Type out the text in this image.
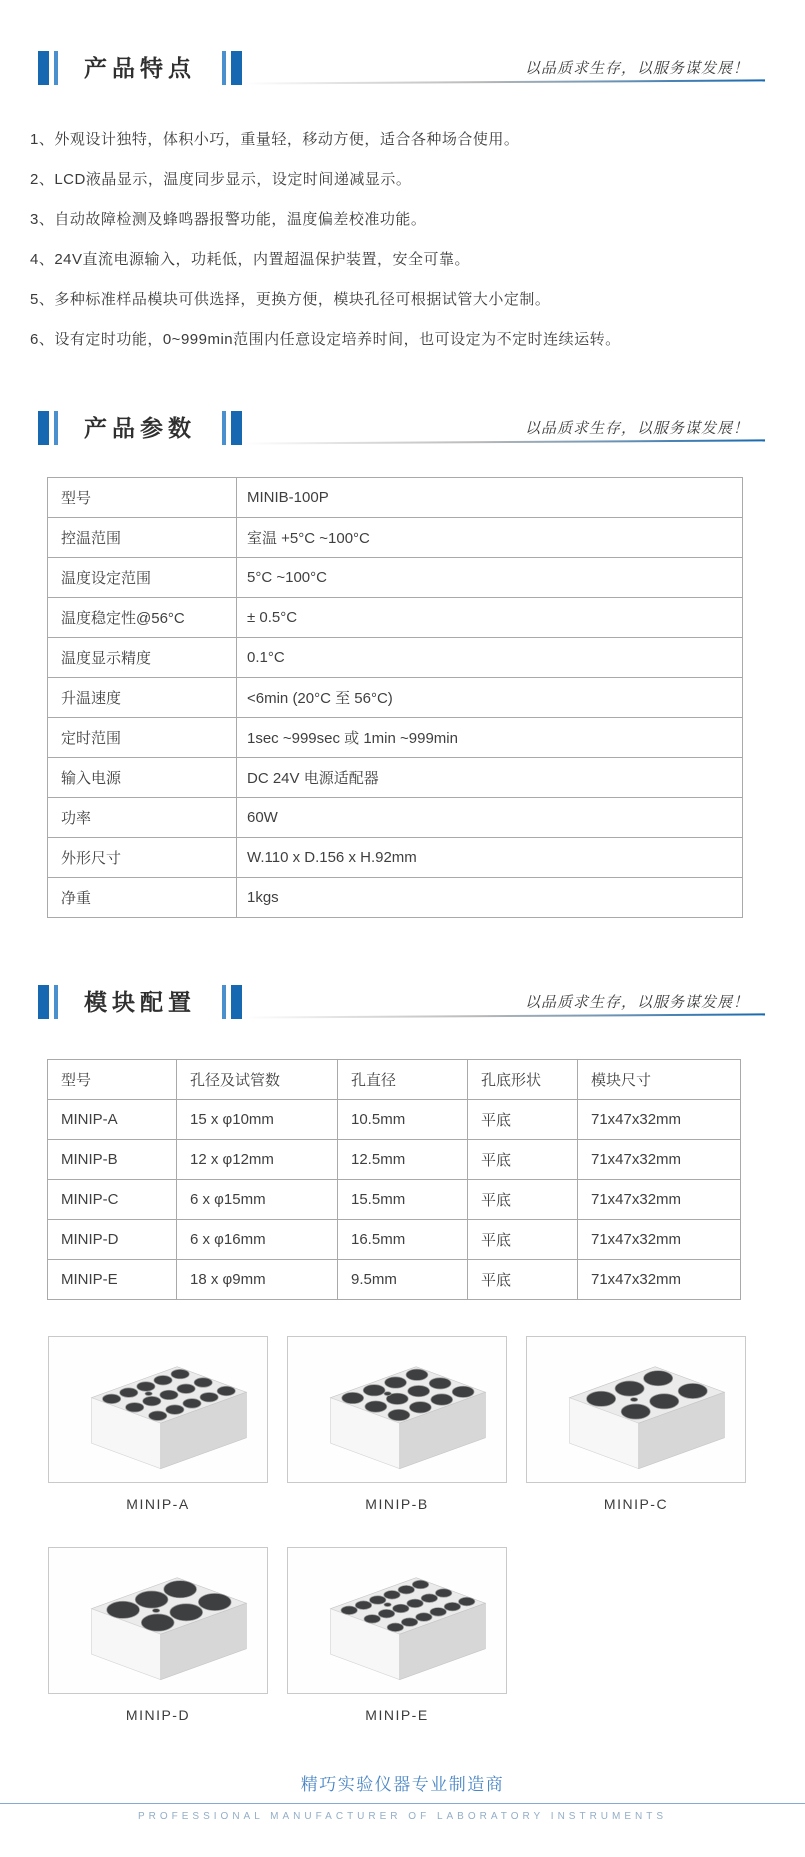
产品特点	以品质求生存，以服务谋发展！
1、外观设计独特，体积小巧，重量轻，移动方便，适合各种场合使用。
2、LCD液晶显示，温度同步显示，设定时间递减显示。
3、自动故障检测及蜂鸣器报警功能，温度偏差校准功能。
4、24V直流电源输入，功耗低，内置超温保护装置，安全可靠。
5、多种标准样品模块可供选择，更换方便，模块孔径可根据试管大小定制。
6、设有定时功能，0~999min范围内任意设定培养时间，也可设定为不定时连续运转。
产品参数	以品质求生存，以服务谋发展！
型号	MINIB-100P
控温范围	室温 +5°C ~100°C
温度设定范围	5°C ~100°C
温度稳定性@56°C	± 0.5°C
温度显示精度	0.1°C
升温速度	<6min (20°C 至 56°C)
定时范围	1sec ~999sec 或 1min ~999min
输入电源	DC 24V 电源适配器
功率	60W
外形尺寸	W.110 x D.156 x H.92mm
净重	1kgs
模块配置	以品质求生存，以服务谋发展！
型号	孔径及试管数	孔直径	孔底形状	模块尺寸
MINIP-A	15 x φ10mm	10.5mm	平底	71x47x32mm
MINIP-B	12 x φ12mm	12.5mm	平底	71x47x32mm
MINIP-C	6 x φ15mm	15.5mm	平底	71x47x32mm
MINIP-D	6 x φ16mm	16.5mm	平底	71x47x32mm
MINIP-E	18 x φ9mm	9.5mm	平底	71x47x32mm
MINIP-A	MINIP-B	MINIP-C
MINIP-D	MINIP-E
精巧实验仪器专业制造商
PROFESSIONAL MANUFACTURER OF LABORATORY INSTRUMENTS
